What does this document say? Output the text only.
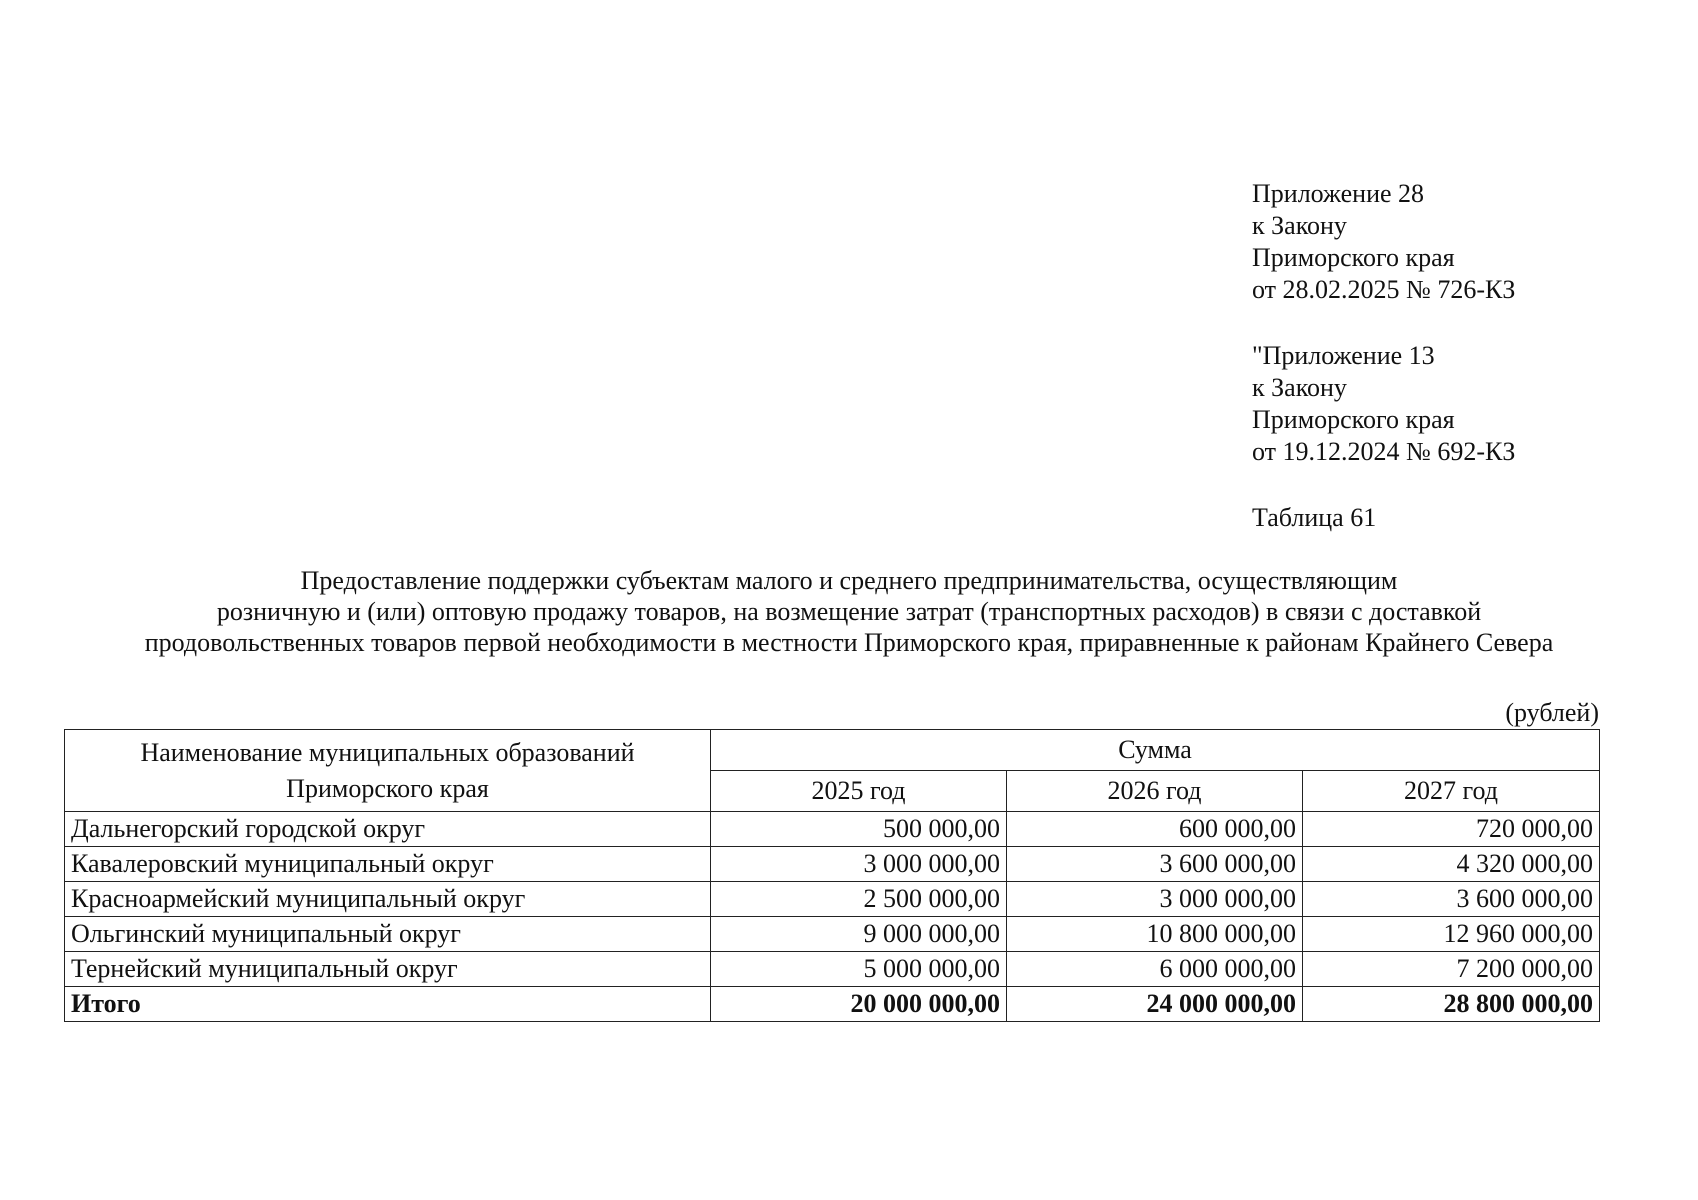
Приложение 28
к Закону
Приморского края
от 28.02.2025 № 726-КЗ
"Приложение 13
к Закону
Приморского края
от 19.12.2024 № 692-КЗ
Таблица 61
Предоставление поддержки субъектам малого и среднего предпринимательства, осуществляющим
розничную и (или) оптовую продажу товаров, на возмещение затрат (транспортных расходов) в связи с доставкой
продовольственных товаров первой необходимости в местности Приморского края, приравненные к районам Крайнего Севера
(рублей)
Наименование муниципальных образований
Приморского края	Сумма		
	2025 год	2026 год	2027 год
Дальнегорский городской округ	500 000,00	600 000,00	720 000,00
Кавалеровский муниципальный округ	3 000 000,00	3 600 000,00	4 320 000,00
Красноармейский муниципальный округ	2 500 000,00	3 000 000,00	3 600 000,00
Ольгинский муниципальный округ	9 000 000,00	10 800 000,00	12 960 000,00
Тернейский муниципальный округ	5 000 000,00	6 000 000,00	7 200 000,00
Итого	20 000 000,00	24 000 000,00	28 800 000,00
